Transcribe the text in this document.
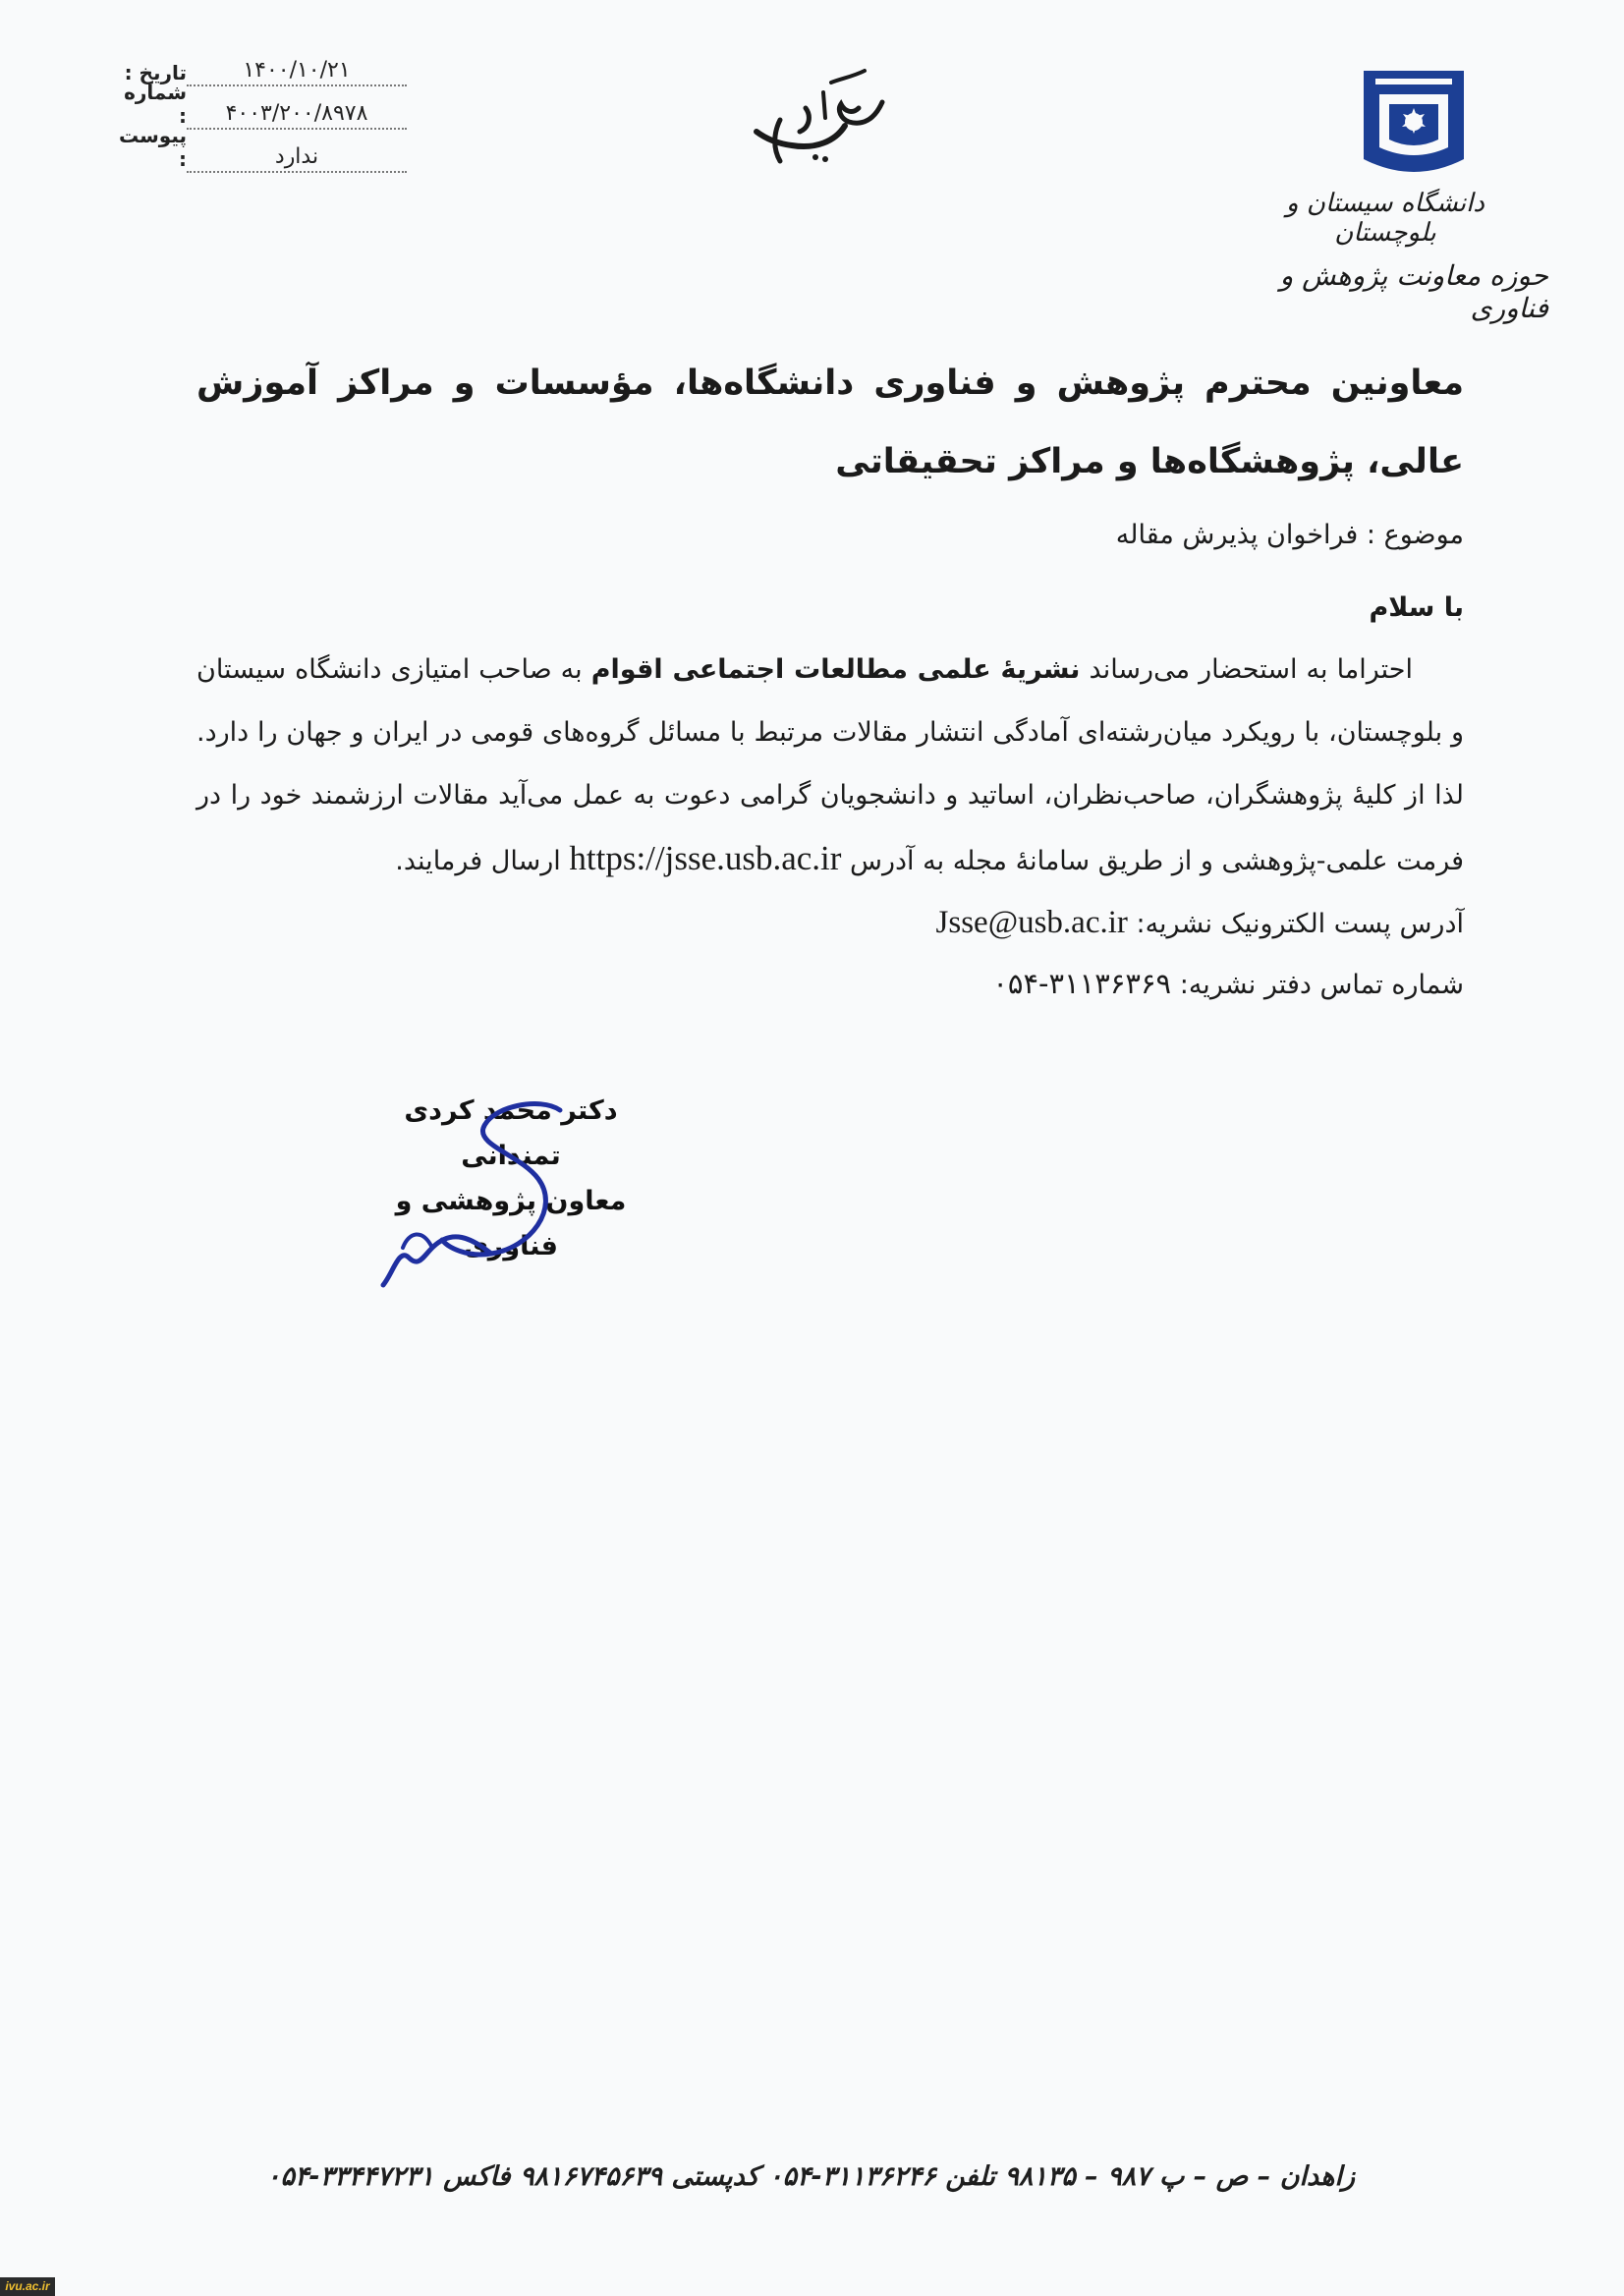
۱۴۰۰/۱۰/۲۱
تاریخ :
۴۰۰۳/۲۰۰/۸۹۷۸
شماره :
ندارد
پیوست :
دانشگاه سیستان و بلوچستان
حوزه معاونت پژوهش و فناوری
معاونین محترم پژوهش و فناوری دانشگاه‌ها، مؤسسات و مراکز آموزش عالی، پژوهشگاه‌ها و مراکز تحقیقاتی
موضوع : فراخوان پذیرش مقاله
با سلام

احتراما به استحضار می‌رساند نشریهٔ علمی مطالعات اجتماعی اقوام به صاحب امتیازی دانشگاه سیستان و بلوچستان، با رویکرد میان‌رشته‌ای آمادگی انتشار مقالات مرتبط با مسائل گروه‌های قومی در ایران و جهان را دارد. لذا از کلیهٔ پژوهشگران، صاحب‌نظران، اساتید و دانشجویان گرامی دعوت به عمل می‌آید مقالات ارزشمند خود را در فرمت علمی-پژوهشی و از طریق سامانهٔ مجله به آدرس https://jsse.usb.ac.ir ارسال فرمایند.

آدرس پست الکترونیک نشریه: Jsse@usb.ac.ir
شماره تماس دفتر نشریه: ۰۵۴-۳۱۱۳۶۳۶۹
دکتر محمد کردی تمندانی
معاون پژوهشی و فناوری
زاهدان – ص – پ ۹۸۷ – ۹۸۱۳۵ تلفن ۳۱۱۳۶۲۴۶-۰۵۴ کدپستی ۹۸۱۶۷۴۵۶۳۹ فاکس ۳۳۴۴۷۲۳۱-۰۵۴
ivu.ac.ir
